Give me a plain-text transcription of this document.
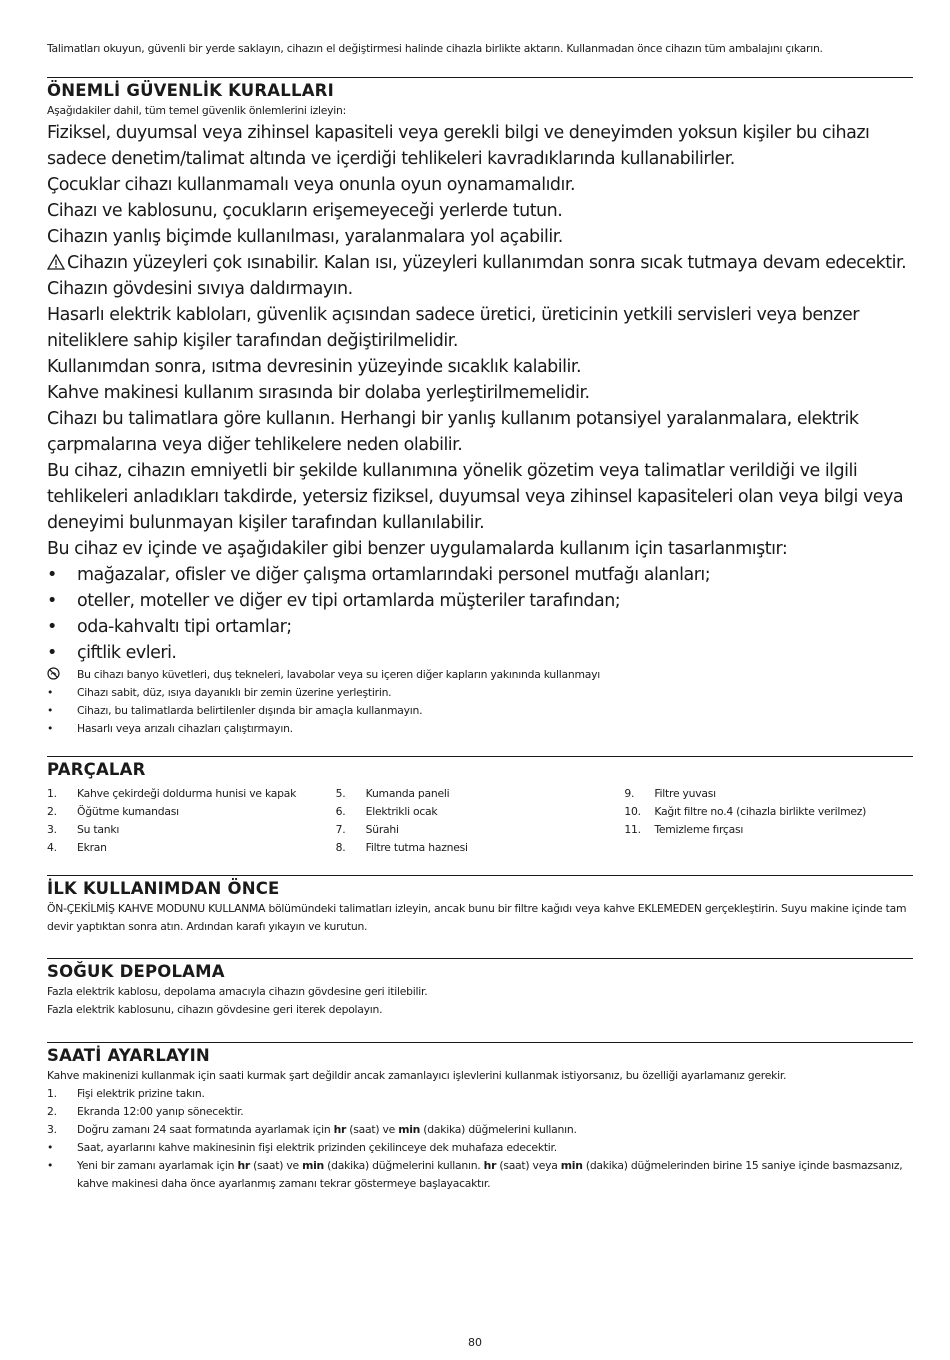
Talimatları okuyun, güvenli bir yerde saklayın, cihazın el değiştirmesi halinde cihazla birlikte aktarın. Kullanmadan önce cihazın tüm ambalajını çıkarın.
ÖNEMLİ GÜVENLİK KURALLARI
Aşağıdakiler dahil, tüm temel güvenlik önlemlerini izleyin:
Fiziksel, duyumsal veya zihinsel kapasiteli veya gerekli bilgi ve deneyimden yoksun kişiler bu cihazı sadece denetim/talimat altında ve içerdiği tehlikeleri kavradıklarında kullanabilirler.
Çocuklar cihazı kullanmamalı veya onunla oyun oynamamalıdır.
Cihazı ve kablosunu, çocukların erişemeyeceği yerlerde tutun.
Cihazın yanlış biçimde kullanılması, yaralanmalara yol açabilir.
Cihazın yüzeyleri çok ısınabilir. Kalan ısı, yüzeyleri kullanımdan sonra sıcak tutmaya devam edecektir.
Cihazın gövdesini sıvıya daldırmayın.
Hasarlı elektrik kabloları, güvenlik açısından sadece üretici, üreticinin yetkili servisleri veya benzer niteliklere sahip kişiler tarafından değiştirilmelidir.
Kullanımdan sonra, ısıtma devresinin yüzeyinde sıcaklık kalabilir.
Kahve makinesi kullanım sırasında bir dolaba yerleştirilmemelidir.
Cihazı bu talimatlara göre kullanın. Herhangi bir yanlış kullanım potansiyel yaralanmalara, elektrik çarpmalarına veya diğer tehlikelere neden olabilir.
Bu cihaz, cihazın emniyetli bir şekilde kullanımına yönelik gözetim veya talimatlar verildiği ve ilgili tehlikeleri anladıkları takdirde, yetersiz fiziksel, duyumsal veya zihinsel kapasiteleri olan veya bilgi veya deneyimi bulunmayan kişiler tarafından kullanılabilir.
Bu cihaz ev içinde ve aşağıdakiler gibi benzer uygulamalarda kullanım için tasarlanmıştır:
•	mağazalar, ofisler ve diğer çalışma ortamlarındaki personel mutfağı alanları;
•	oteller, moteller ve diğer ev tipi ortamlarda müşteriler tarafından;
•	oda-kahvaltı tipi ortamlar;
•	çiftlik evleri.
Bu cihazı banyo küvetleri, duş tekneleri, lavabolar veya su içeren diğer kapların yakınında kullanmayı
•	Cihazı sabit, düz, ısıya dayanıklı bir zemin üzerine yerleştirin.
•	Cihazı, bu talimatlarda belirtilenler dışında bir amaçla kullanmayın.
•	Hasarlı veya arızalı cihazları çalıştırmayın.
PARÇALAR
1.	Kahve çekirdeği doldurma hunisi ve kapak
2.	Öğütme kumandası
3.	Su tankı
4.	Ekran
5.	Kumanda paneli
6.	Elektrikli ocak
7.	Sürahi
8.	Filtre tutma haznesi
9.	Filtre yuvası
10.	Kağıt filtre no.4 (cihazla birlikte verilmez)
11.	Temizleme fırçası
İLK KULLANIMDAN ÖNCE
ÖN-ÇEKİLMİŞ KAHVE MODUNU KULLANMA bölümündeki talimatları izleyin, ancak bunu bir filtre kağıdı veya kahve EKLEMEDEN gerçekleştirin. Suyu makine içinde tam devir yaptıktan sonra atın. Ardından karafı yıkayın ve kurutun.
SOĞUK DEPOLAMA
Fazla elektrik kablosu, depolama amacıyla cihazın gövdesine geri itilebilir.
Fazla elektrik kablosunu, cihazın gövdesine geri iterek depolayın.
SAATİ AYARLAYIN
Kahve makinenizi kullanmak için saati kurmak şart değildir ancak zamanlayıcı işlevlerini kullanmak istiyorsanız, bu özelliği ayarlamanız gerekir.
1.	Fişi elektrik prizine takın.
2.	Ekranda 12:00 yanıp sönecektir.
3.	Doğru zamanı 24 saat formatında ayarlamak için hr (saat) ve min (dakika) düğmelerini kullanın.
•	Saat, ayarlarını kahve makinesinin fişi elektrik prizinden çekilinceye dek muhafaza edecektir.
•	Yeni bir zamanı ayarlamak için hr (saat) ve min (dakika) düğmelerini kullanın. hr (saat) veya min (dakika) düğmelerinden birine 15 saniye içinde basmazsanız, kahve makinesi daha önce ayarlanmış zamanı tekrar göstermeye başlayacaktır.
80
